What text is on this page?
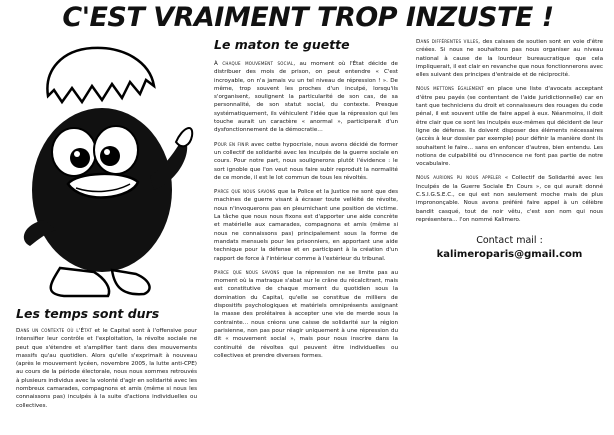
C'EST VRAIMENT TROP INZUSTE !
Les temps sont durs

Dans un contexte où l'État et le Capital sont à l'offensive pour intensifier leur contrôle et l'exploitation, la révolte sociale ne peut que s'étendre et s'amplifier tant dans des mouvements massifs qu'au quotidien. Alors qu'elle s'exprimait à nouveau (après le mouvement lycéen, novembre 2005, la lutte anti-CPE) au cours de la période électorale, nous nous sommes retrouvés à plusieurs individus avec la volonté d'agir en solidarité avec les nombreux camarades, compagnons et amis (même si nous les connaissons pas) inculpés à la suite d'actions individuelles ou collectives.

Le maton te guette

À chaque mouvement social, au moment où l'État décide de distribuer des mois de prison, on peut entendre « C'est incroyable, on n'a jamais vu un tel niveau de répression ! ». De même, trop souvent les proches d'un inculpé, lorsqu'ils s'organisent, soulignent la particularité de son cas, de sa personnalité, de son statut social, du contexte. Presque systématiquement, ils véhiculent l'idée que la répression qui les touche aurait un caractère « anormal », participerait d'un dysfonctionnement de la démocratie…

Pour en finir avec cette hypocrisie, nous avons décidé de former un collectif de solidarité avec les inculpés de la guerre sociale en cours. Pour notre part, nous soulignerons plutôt l'évidence : le sort ignoble que l'on veut nous faire subir reproduit la normalité de ce monde, il est le lot commun de tous les révoltés.

Parce que nous savons que la Police et la Justice ne sont que des machines de guerre visant à écraser toute velléité de révolte, nous n'invoquerons pas en pleurnichant une position de victime. La tâche que nous nous fixons est d'apporter une aide concrète et matérielle aux camarades, compagnons et amis (même si nous ne connaissons pas) principalement sous la forme de mandats mensuels pour les prisonniers, en apportant une aide technique pour la défense et en participant à la création d'un rapport de force à l'intérieur comme à l'extérieur du tribunal.

Parce que nous savons que la répression ne se limite pas au moment où la matraque s'abat sur le crâne du récalcitrant, mais est constitutive de chaque moment du quotidien sous la domination du Capital, qu'elle se constitue de milliers de dispositifs psychologiques et matériels omniprésents assignant la masse des prolétaires à accepter une vie de merde sous la contrainte… nous créons une caisse de solidarité sur la région parisienne, non pas pour réagir uniquement à une répression du dit « mouvement social », mais pour nous inscrire dans la continuité de révoltes qui peuvent être individuelles ou collectives et prendre diverses formes.

Dans différentes villes, des caisses de soutien sont en voie d'être créées. Si nous ne souhaitons pas nous organiser au niveau national à cause de la lourdeur bureaucratique que cela impliquerait, il est clair en revanche que nous fonctionnerons avec elles suivant des principes d'entraide et de réciprocité.

Nous mettons également en place une liste d'avocats acceptant d'être peu payés (se contentant de l'aide juridictionnelle) car en tant que techniciens du droit et connaisseurs des rouages du code pénal, il est souvent utile de faire appel à eux. Néanmoins, il doit être clair que ce sont les inculpés eux-mêmes qui décident de leur ligne de défense. Ils doivent disposer des éléments nécessaires (accès à leur dossier par exemple) pour définir la manière dont ils souhaitent le faire… sans en enfoncer d'autres, bien entendu. Les notions de culpabilité ou d'innocence ne font pas partie de notre vocabulaire.

Nous aurions pu nous appeler « Collectif de Solidarité avec les Inculpés de la Guerre Sociale En Cours », ce qui aurait donné C.S.I.G.S.E.C., ce qui est non seulement moche mais de plus imprononçable. Nous avons préféré faire appel à un célèbre bandit casqué, tout de noir vêtu, c'est son nom qui nous représentera… l'on nommé Kalimero.

Contact mail :
kalimeroparis@gmail.com
